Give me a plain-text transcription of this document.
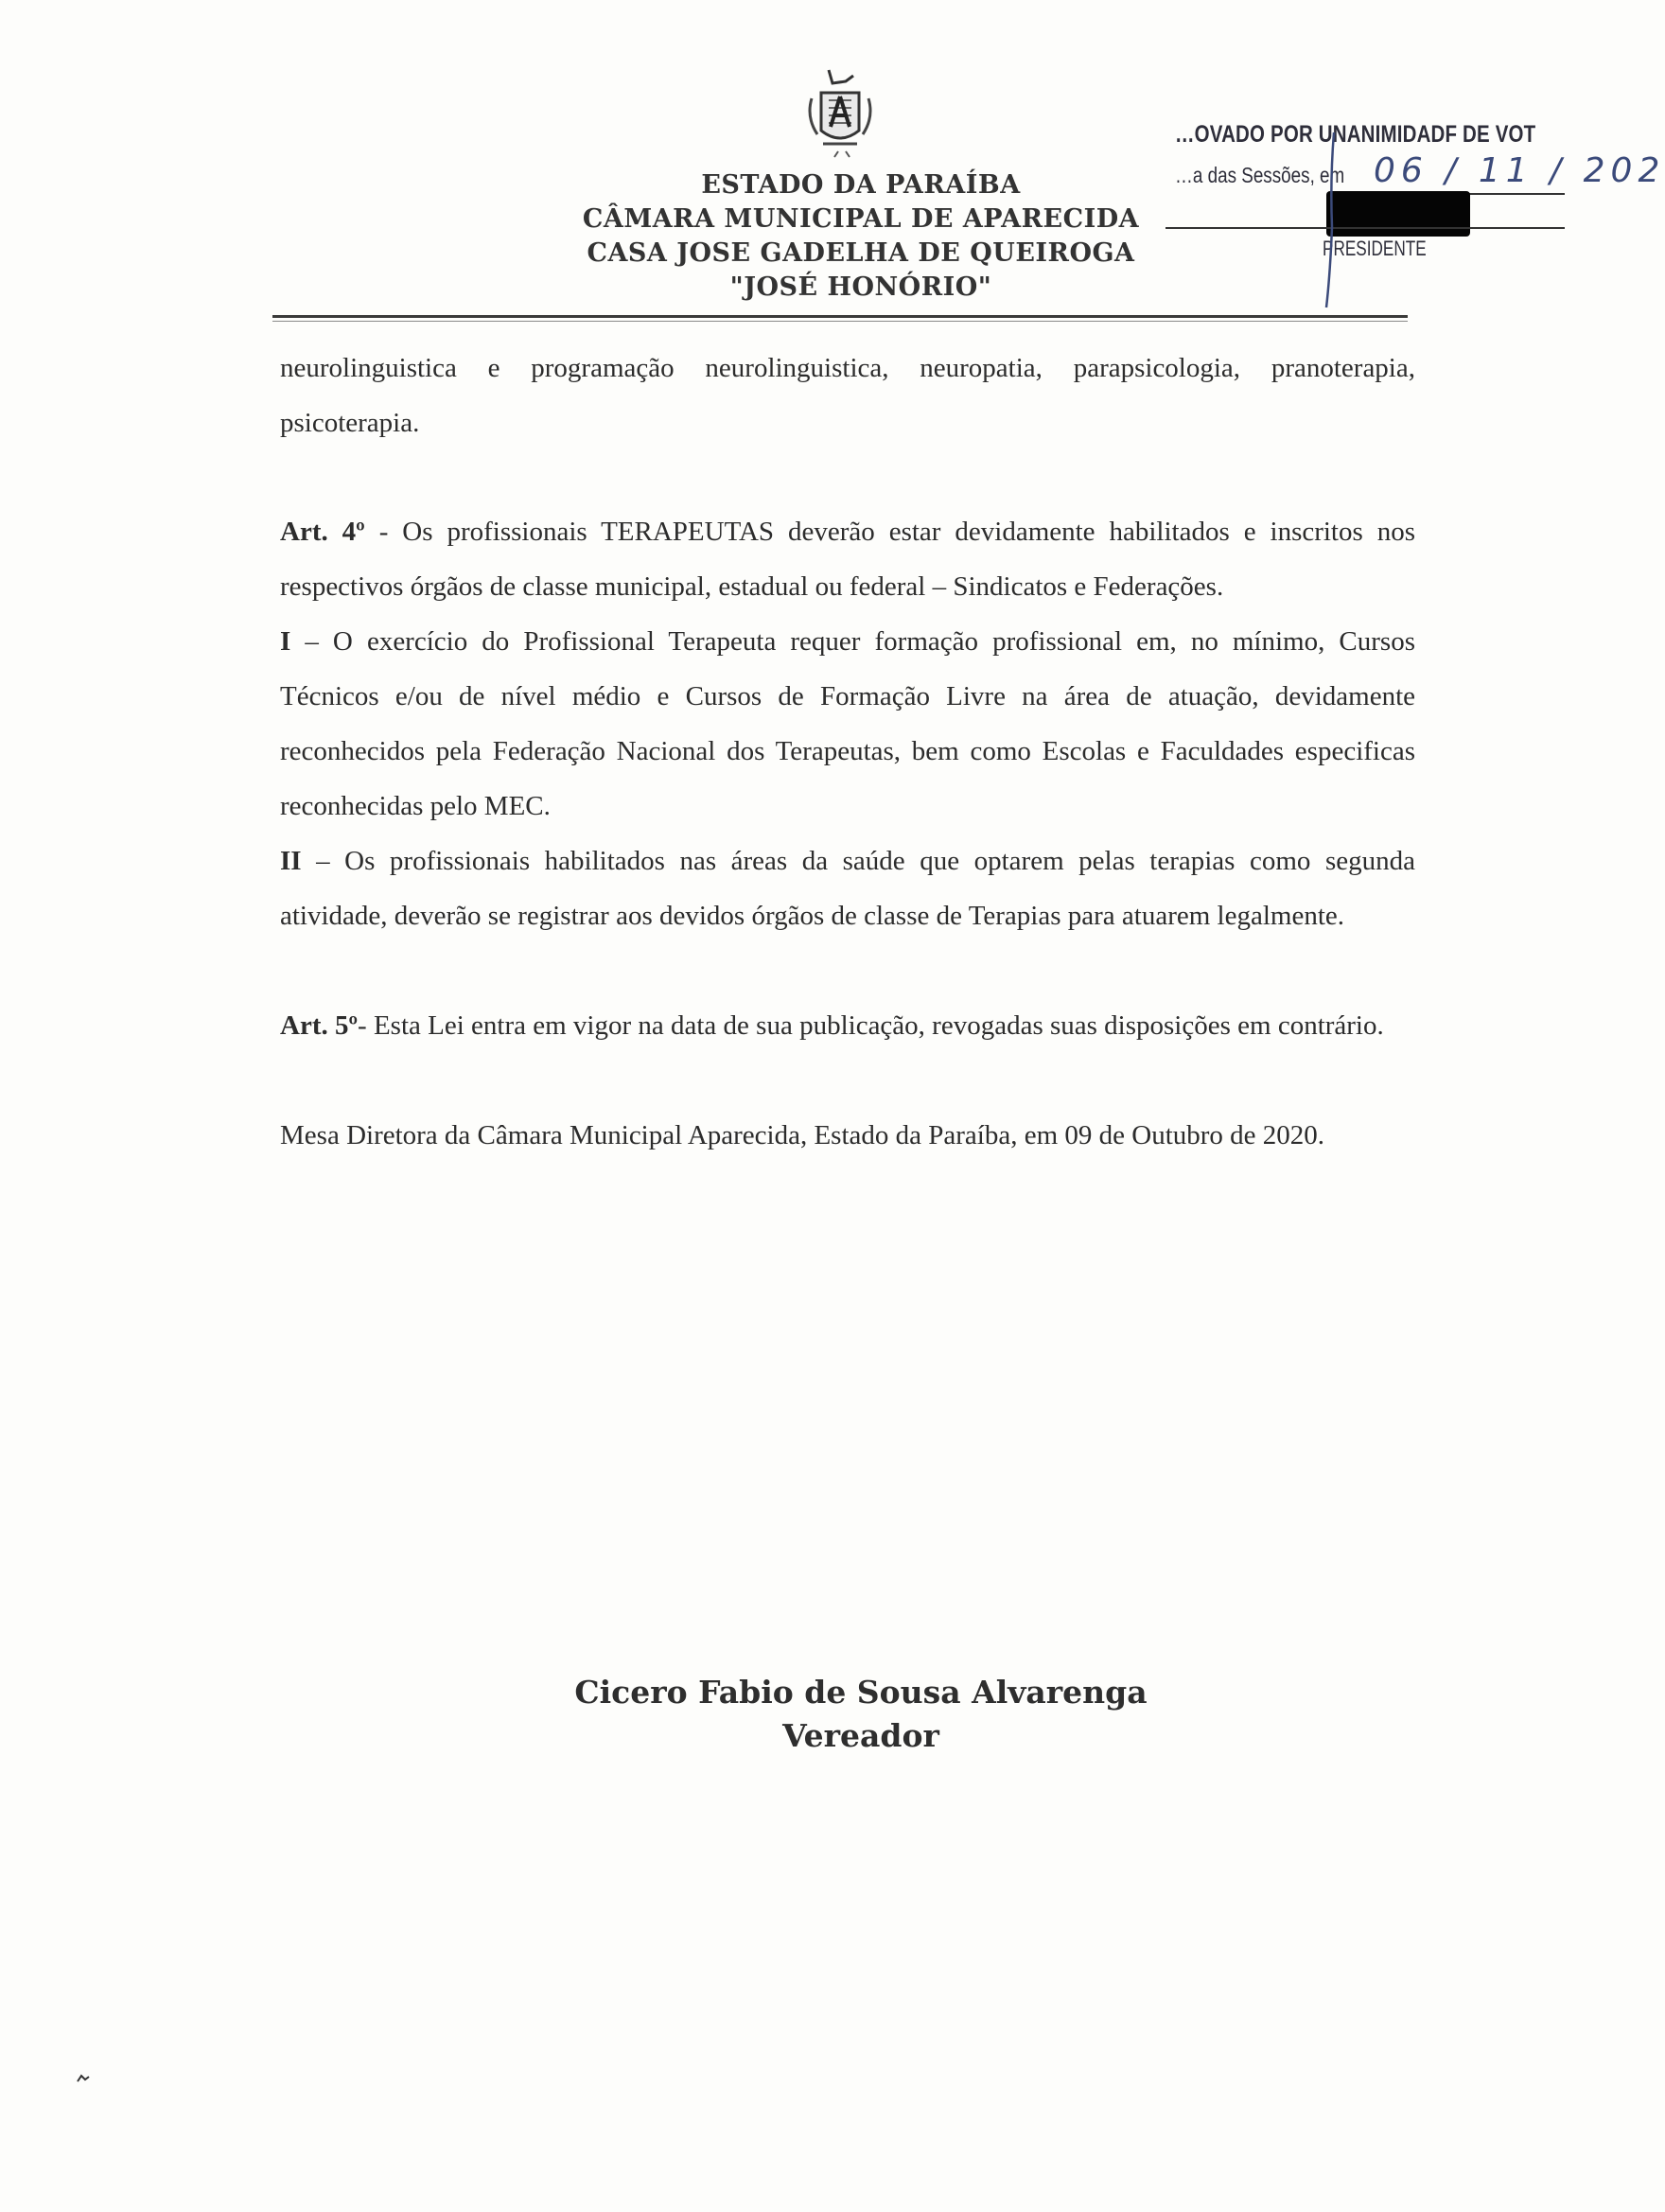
ESTADO DA PARAÍBA
CÂMARA MUNICIPAL DE APARECIDA
CASA JOSE GADELHA DE QUEIROGA
"JOSÉ HONÓRIO"
…OVADO POR UNANIMIDADF DE VOT
…a das Sessões, em 06 / 11 / 202
PRESIDENTE

neurolinguistica e programação neurolinguistica, neuropatia, parapsicologia, pranoterapia, psicoterapia.

Art. 4º - Os profissionais TERAPEUTAS deverão estar devidamente habilitados e inscritos nos respectivos órgãos de classe municipal, estadual ou federal – Sindicatos e Federações.

I – O exercício do Profissional Terapeuta requer formação profissional em, no mínimo, Cursos Técnicos e/ou de nível médio e Cursos de Formação Livre na área de atuação, devidamente reconhecidos pela Federação Nacional dos Terapeutas, bem como Escolas e Faculdades especificas reconhecidas pelo MEC.

II – Os profissionais habilitados nas áreas da saúde que optarem pelas terapias como segunda atividade, deverão se registrar aos devidos órgãos de classe de Terapias para atuarem legalmente.

Art. 5º- Esta Lei entra em vigor na data de sua publicação, revogadas suas disposições em contrário.

Mesa Diretora da Câmara Municipal Aparecida, Estado da Paraíba, em 09 de Outubro de 2020.

Cicero Fabio de Sousa Alvarenga
Vereador
